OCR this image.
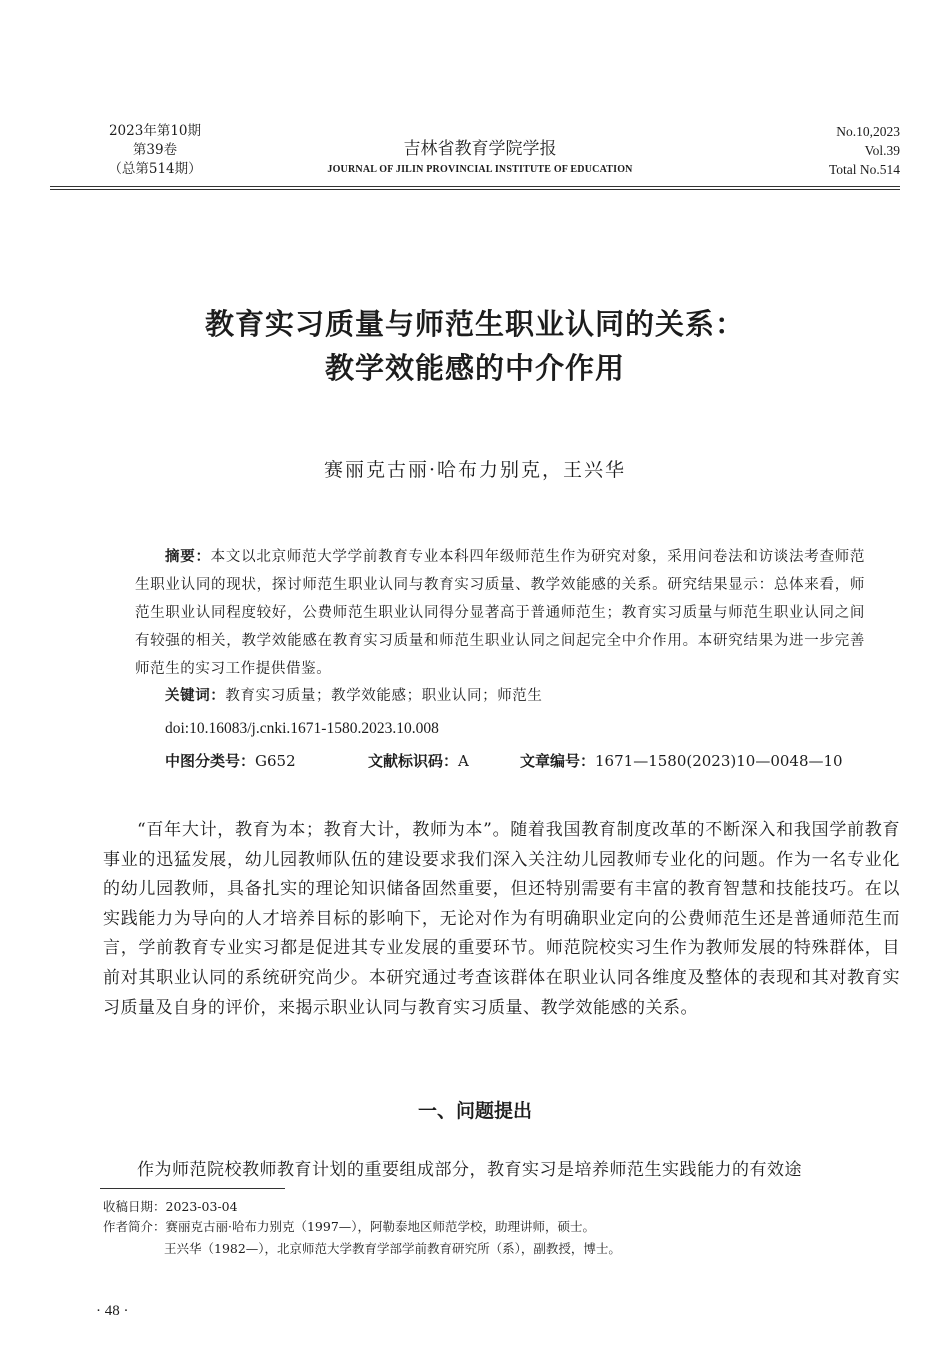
2023年第10期
第39卷
（总第514期）
吉林省教育学院学报
JOURNAL OF JILIN PROVINCIAL INSTITUTE OF EDUCATION
No.10,2023
Vol.39
Total No.514
教育实习质量与师范生职业认同的关系：
教学效能感的中介作用
赛丽克古丽·哈布力别克，王兴华
摘要：本文以北京师范大学学前教育专业本科四年级师范生作为研究对象，采用问卷法和访谈法考查师范生职业认同的现状，探讨师范生职业认同与教育实习质量、教学效能感的关系。研究结果显示：总体来看，师范生职业认同程度较好，公费师范生职业认同得分显著高于普通师范生；教育实习质量与师范生职业认同之间有较强的相关，教学效能感在教育实习质量和师范生职业认同之间起完全中介作用。本研究结果为进一步完善师范生的实习工作提供借鉴。
关键词：教育实习质量；教学效能感；职业认同；师范生
doi:10.16083/j.cnki.1671-1580.2023.10.008
中图分类号：G652	文献标识码：A	文章编号：1671—1580(2023)10—0048—10

“百年大计，教育为本；教育大计，教师为本”。随着我国教育制度改革的不断深入和我国学前教育事业的迅猛发展，幼儿园教师队伍的建设要求我们深入关注幼儿园教师专业化的问题。作为一名专业化的幼儿园教师，具备扎实的理论知识储备固然重要，但还特别需要有丰富的教育智慧和技能技巧。在以实践能力为导向的人才培养目标的影响下，无论对作为有明确职业定向的公费师范生还是普通师范生而言，学前教育专业实习都是促进其专业发展的重要环节。师范院校实习生作为教师发展的特殊群体，目前对其职业认同的系统研究尚少。本研究通过考查该群体在职业认同各维度及整体的表现和其对教育实习质量及自身的评价，来揭示职业认同与教育实习质量、教学效能感的关系。

一、问题提出
作为师范院校教师教育计划的重要组成部分，教育实习是培养师范生实践能力的有效途
收稿日期：2023-03-04
作者简介：赛丽克古丽·哈布力别克（1997—），阿勒泰地区师范学校，助理讲师，硕士。
王兴华（1982—），北京师范大学教育学部学前教育研究所（系），副教授，博士。
· 48 ·
